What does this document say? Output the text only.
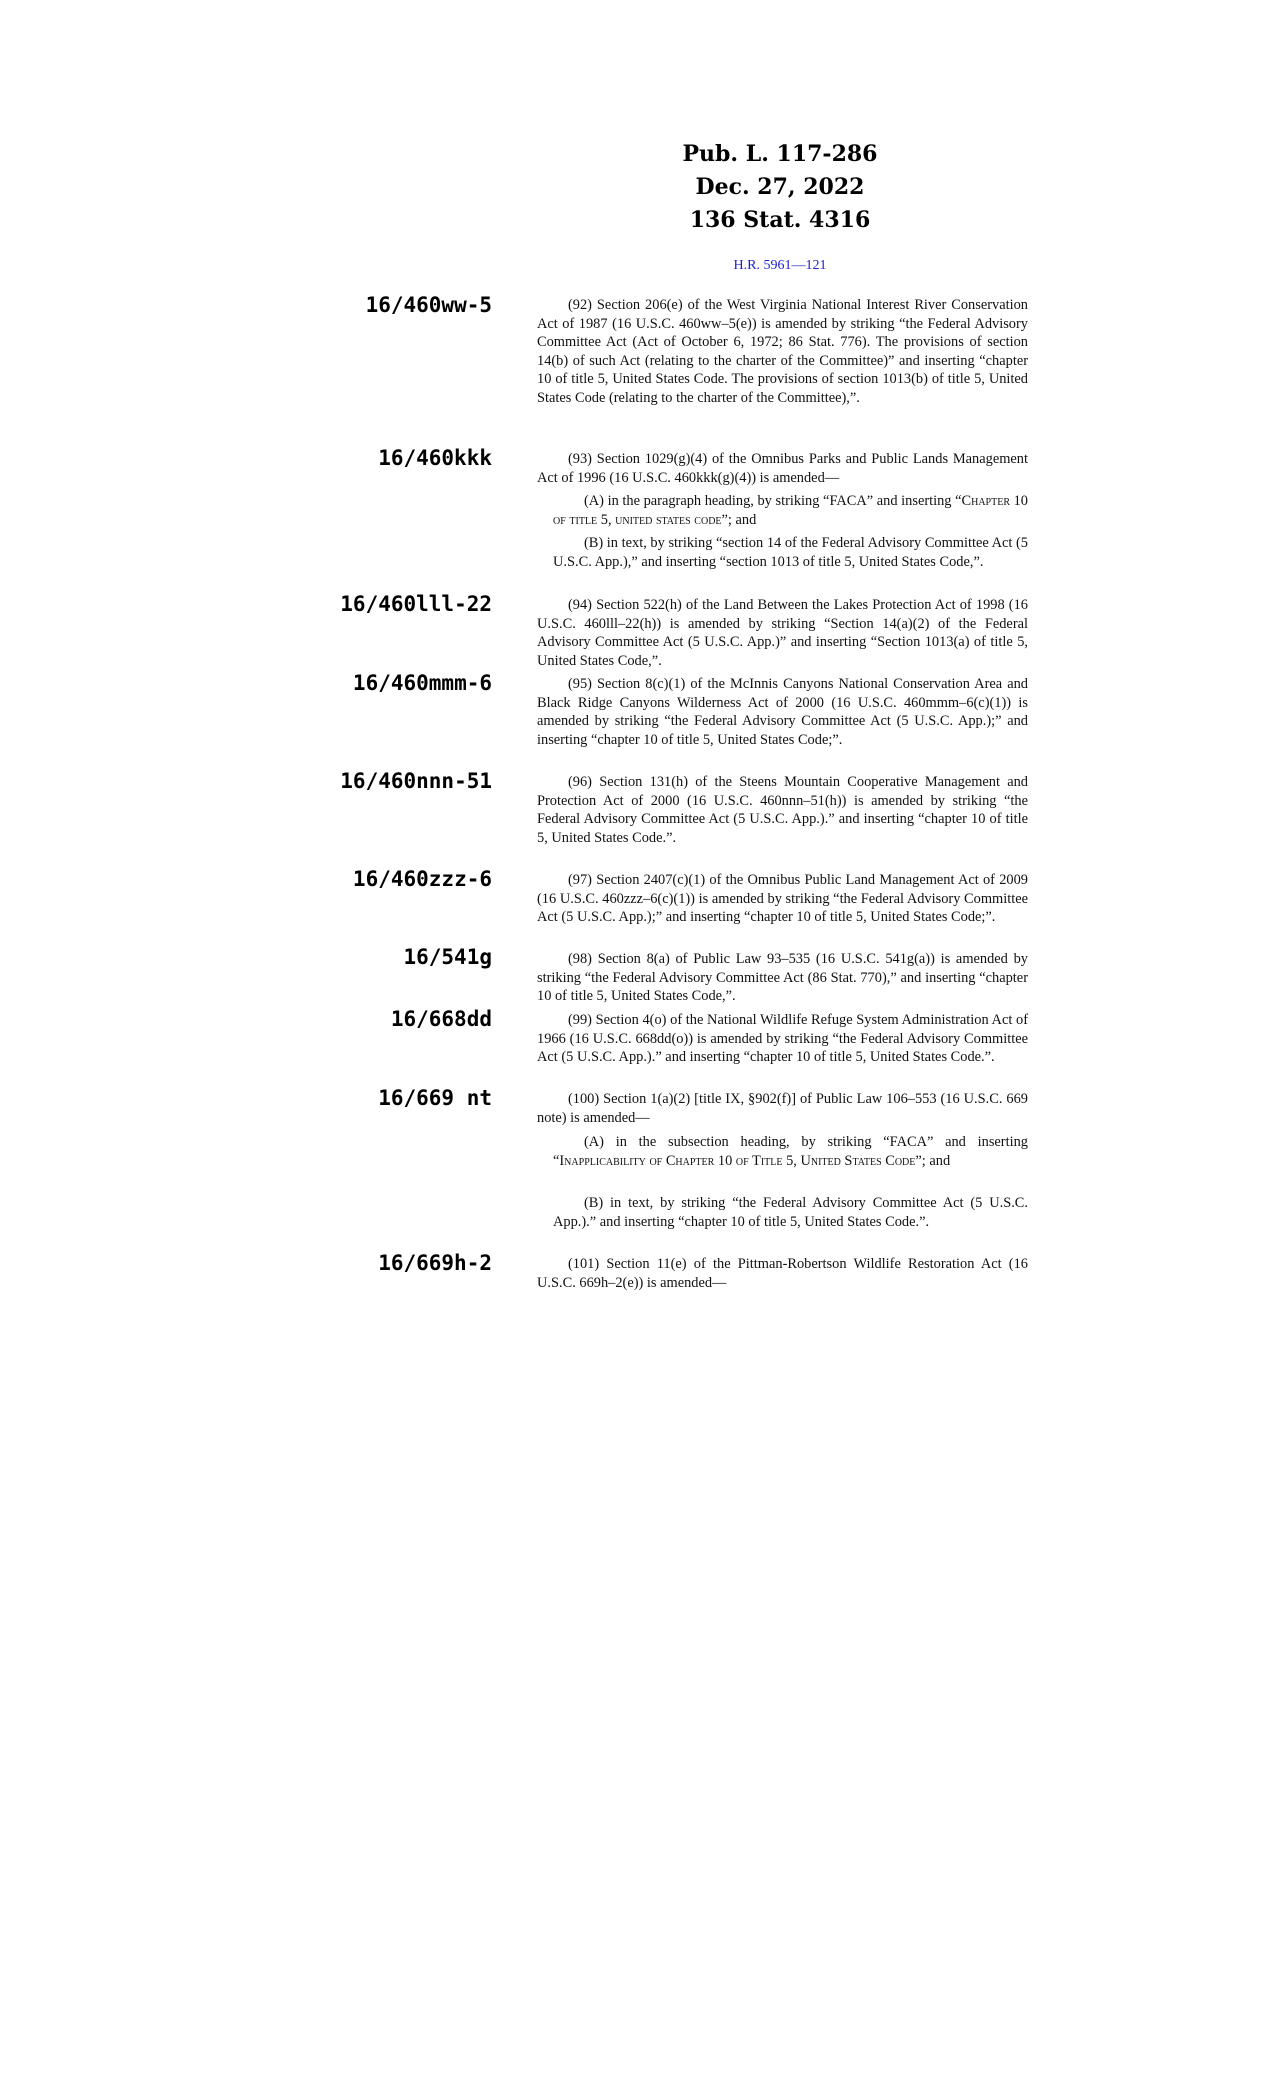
Pub. L. 117-286
Dec. 27, 2022
136 Stat. 4316
H.R. 5961—121
16/460ww-5
16/460kkk
16/460lll-22
16/460mmm-6
16/460nnn-51
16/460zzz-6
16/541g
16/668dd
16/669 nt
16/669h-2
(92) Section 206(e) of the West Virginia National Interest River Conservation Act of 1987 (16 U.S.C. 460ww–5(e)) is amended by striking “the Federal Advisory Committee Act (Act of October 6, 1972; 86 Stat. 776). The provisions of section 14(b) of such Act (relating to the charter of the Committee)” and inserting “chapter 10 of title 5, United States Code. The provisions of section 1013(b) of title 5, United States Code (relating to the charter of the Committee),”.
(93) Section 1029(g)(4) of the Omnibus Parks and Public Lands Management Act of 1996 (16 U.S.C. 460kkk(g)(4)) is amended—
(A) in the paragraph heading, by striking “FACA” and inserting “Chapter 10 of title 5, united states code”; and
(B) in text, by striking “section 14 of the Federal Advisory Committee Act (5 U.S.C. App.),” and inserting “section 1013 of title 5, United States Code,”.
(94) Section 522(h) of the Land Between the Lakes Protection Act of 1998 (16 U.S.C. 460lll–22(h)) is amended by striking “Section 14(a)(2) of the Federal Advisory Committee Act (5 U.S.C. App.)” and inserting “Section 1013(a) of title 5, United States Code,”.
(95) Section 8(c)(1) of the McInnis Canyons National Conservation Area and Black Ridge Canyons Wilderness Act of 2000 (16 U.S.C. 460mmm–6(c)(1)) is amended by striking “the Federal Advisory Committee Act (5 U.S.C. App.);” and inserting “chapter 10 of title 5, United States Code;”.
(96) Section 131(h) of the Steens Mountain Cooperative Management and Protection Act of 2000 (16 U.S.C. 460nnn–51(h)) is amended by striking “the Federal Advisory Committee Act (5 U.S.C. App.).” and inserting “chapter 10 of title 5, United States Code.”.
(97) Section 2407(c)(1) of the Omnibus Public Land Management Act of 2009 (16 U.S.C. 460zzz–6(c)(1)) is amended by striking “the Federal Advisory Committee Act (5 U.S.C. App.);” and inserting “chapter 10 of title 5, United States Code;”.
(98) Section 8(a) of Public Law 93–535 (16 U.S.C. 541g(a)) is amended by striking “the Federal Advisory Committee Act (86 Stat. 770),” and inserting “chapter 10 of title 5, United States Code,”.
(99) Section 4(o) of the National Wildlife Refuge System Administration Act of 1966 (16 U.S.C. 668dd(o)) is amended by striking “the Federal Advisory Committee Act (5 U.S.C. App.).” and inserting “chapter 10 of title 5, United States Code.”.
(100) Section 1(a)(2) [title IX, §902(f)] of Public Law 106–553 (16 U.S.C. 669 note) is amended—
(A) in the subsection heading, by striking “FACA” and inserting “Inapplicability of Chapter 10 of Title 5, United States Code”; and
(B) in text, by striking “the Federal Advisory Committee Act (5 U.S.C. App.).” and inserting “chapter 10 of title 5, United States Code.”.
(101) Section 11(e) of the Pittman-Robertson Wildlife Restoration Act (16 U.S.C. 669h–2(e)) is amended—
